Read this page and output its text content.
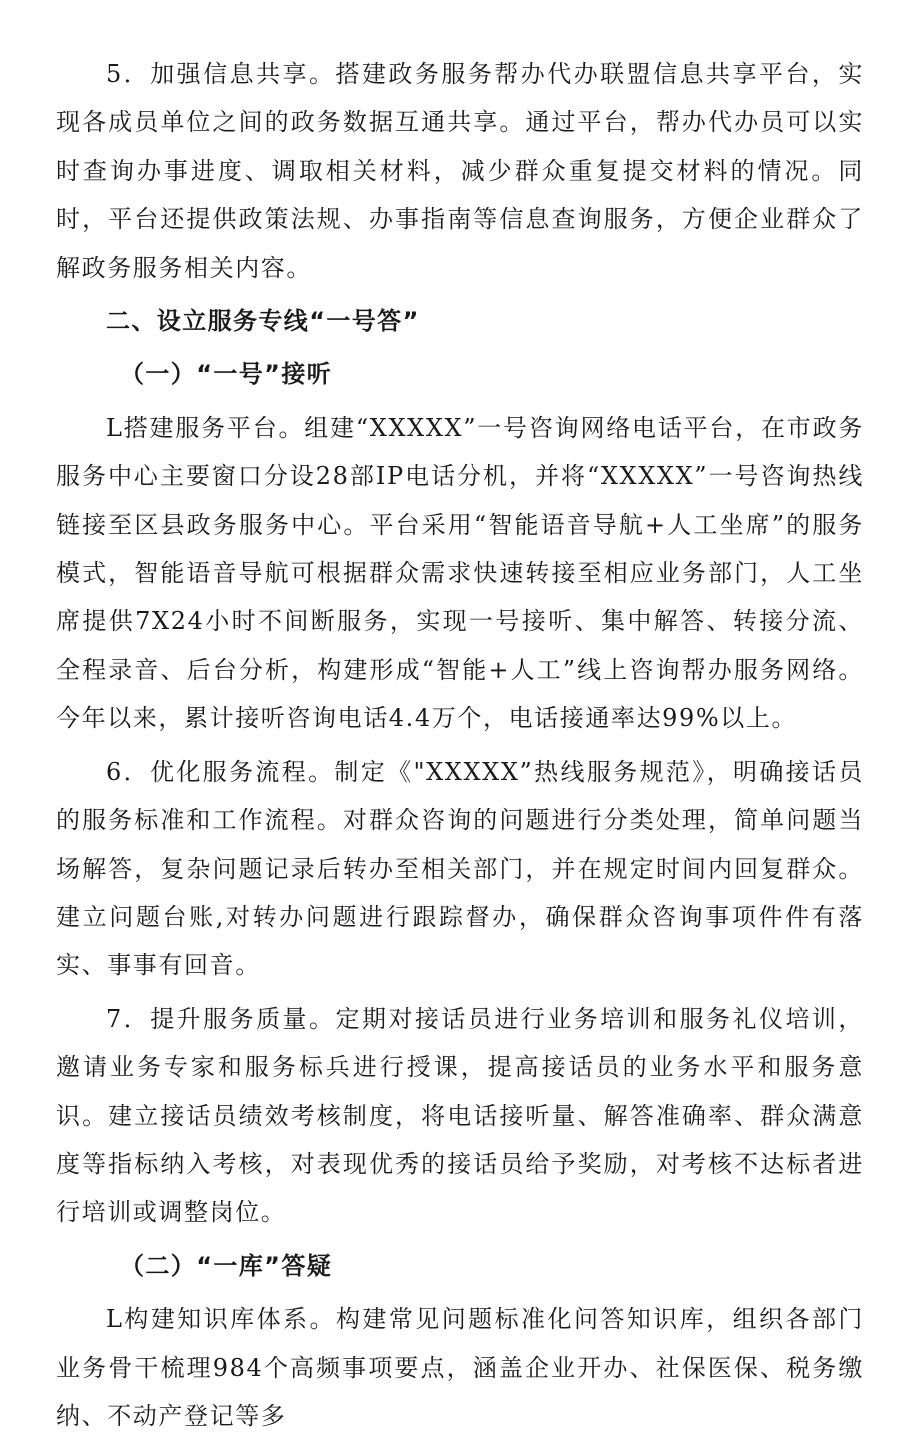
5．加强信息共享。搭建政务服务帮办代办联盟信息共享平台，实现各成员单位之间的政务数据互通共享。通过平台，帮办代办员可以实时查询办事进度、调取相关材料，减少群众重复提交材料的情况。同时，平台还提供政策法规、办事指南等信息查询服务，方便企业群众了解政务服务相关内容。

二、设立服务专线“一号答”

（一）“一号”接听

L搭建服务平台。组建“XXXXX”一号咨询网络电话平台，在市政务服务中心主要窗口分设28部IP电话分机，并将“XXXXX”一号咨询热线链接至区县政务服务中心。平台采用“智能语音导航+人工坐席”的服务模式，智能语音导航可根据群众需求快速转接至相应业务部门，人工坐席提供7X24小时不间断服务，实现一号接听、集中解答、转接分流、全程录音、后台分析，构建形成“智能+人工”线上咨询帮办服务网络。今年以来，累计接听咨询电话4.4万个，电话接通率达99%以上。

6．优化服务流程。制定《"XXXXX”热线服务规范》，明确接话员的服务标准和工作流程。对群众咨询的问题进行分类处理，简单问题当场解答，复杂问题记录后转办至相关部门，并在规定时间内回复群众。建立问题台账,对转办问题进行跟踪督办，确保群众咨询事项件件有落实、事事有回音。

7．提升服务质量。定期对接话员进行业务培训和服务礼仪培训，邀请业务专家和服务标兵进行授课，提高接话员的业务水平和服务意识。建立接话员绩效考核制度，将电话接听量、解答准确率、群众满意度等指标纳入考核，对表现优秀的接话员给予奖励，对考核不达标者进行培训或调整岗位。

（二）“一库”答疑

L构建知识库体系。构建常见问题标准化问答知识库，组织各部门业务骨干梳理984个高频事项要点，涵盖企业开办、社保医保、税务缴纳、不动产登记等多
